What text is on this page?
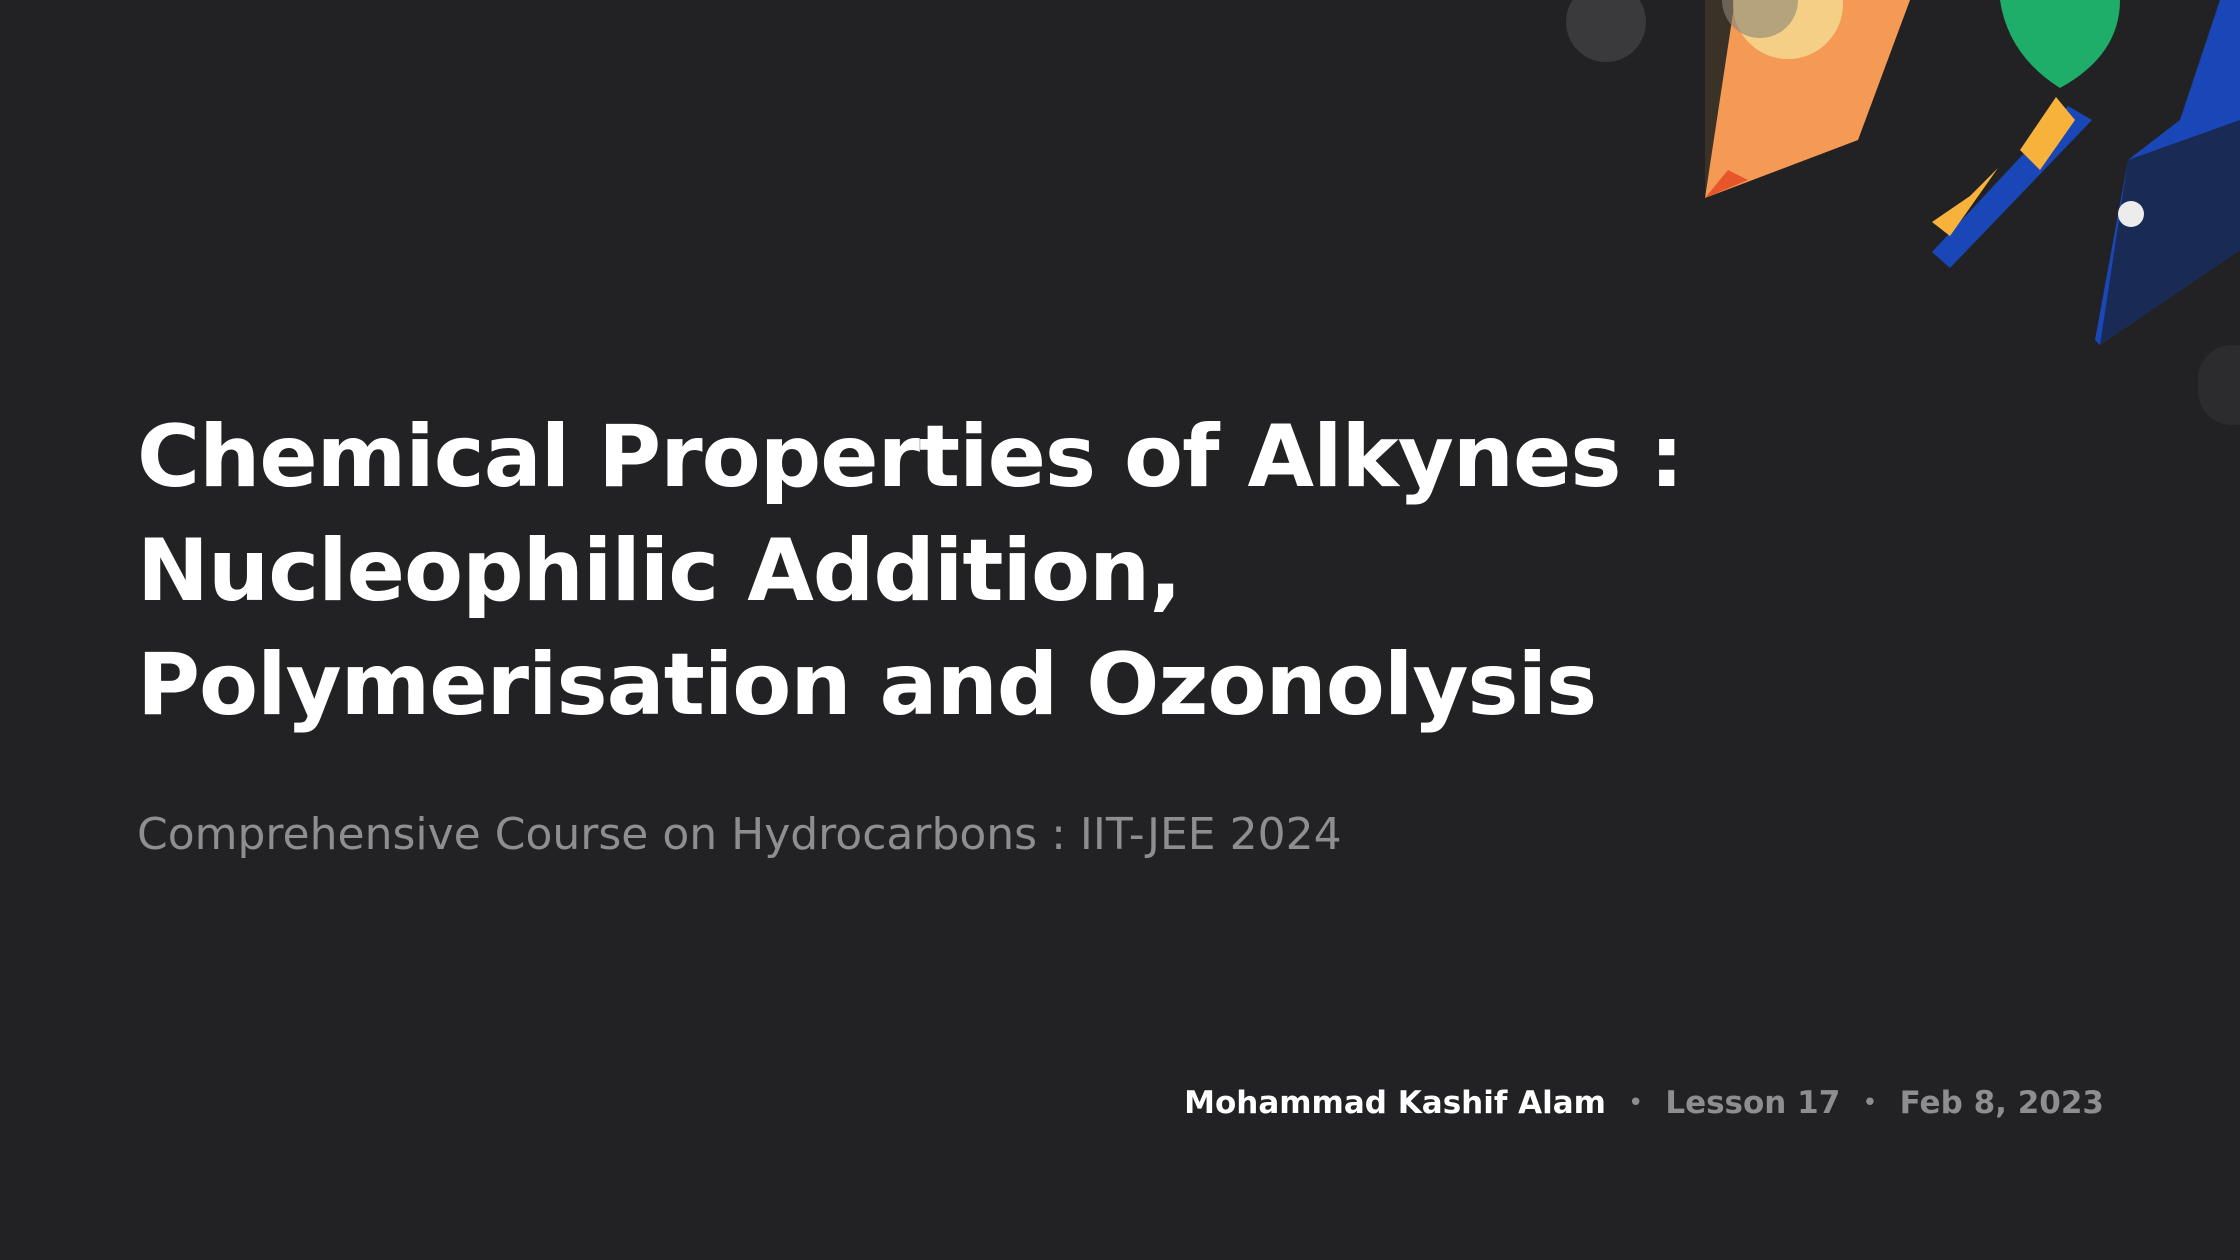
Chemical Properties of Alkynes :
Nucleophilic Addition,
Polymerisation and Ozonolysis

Comprehensive Course on Hydrocarbons : IIT-JEE 2024

Mohammad Kashif Alam • Lesson 17 • Feb 8, 2023
